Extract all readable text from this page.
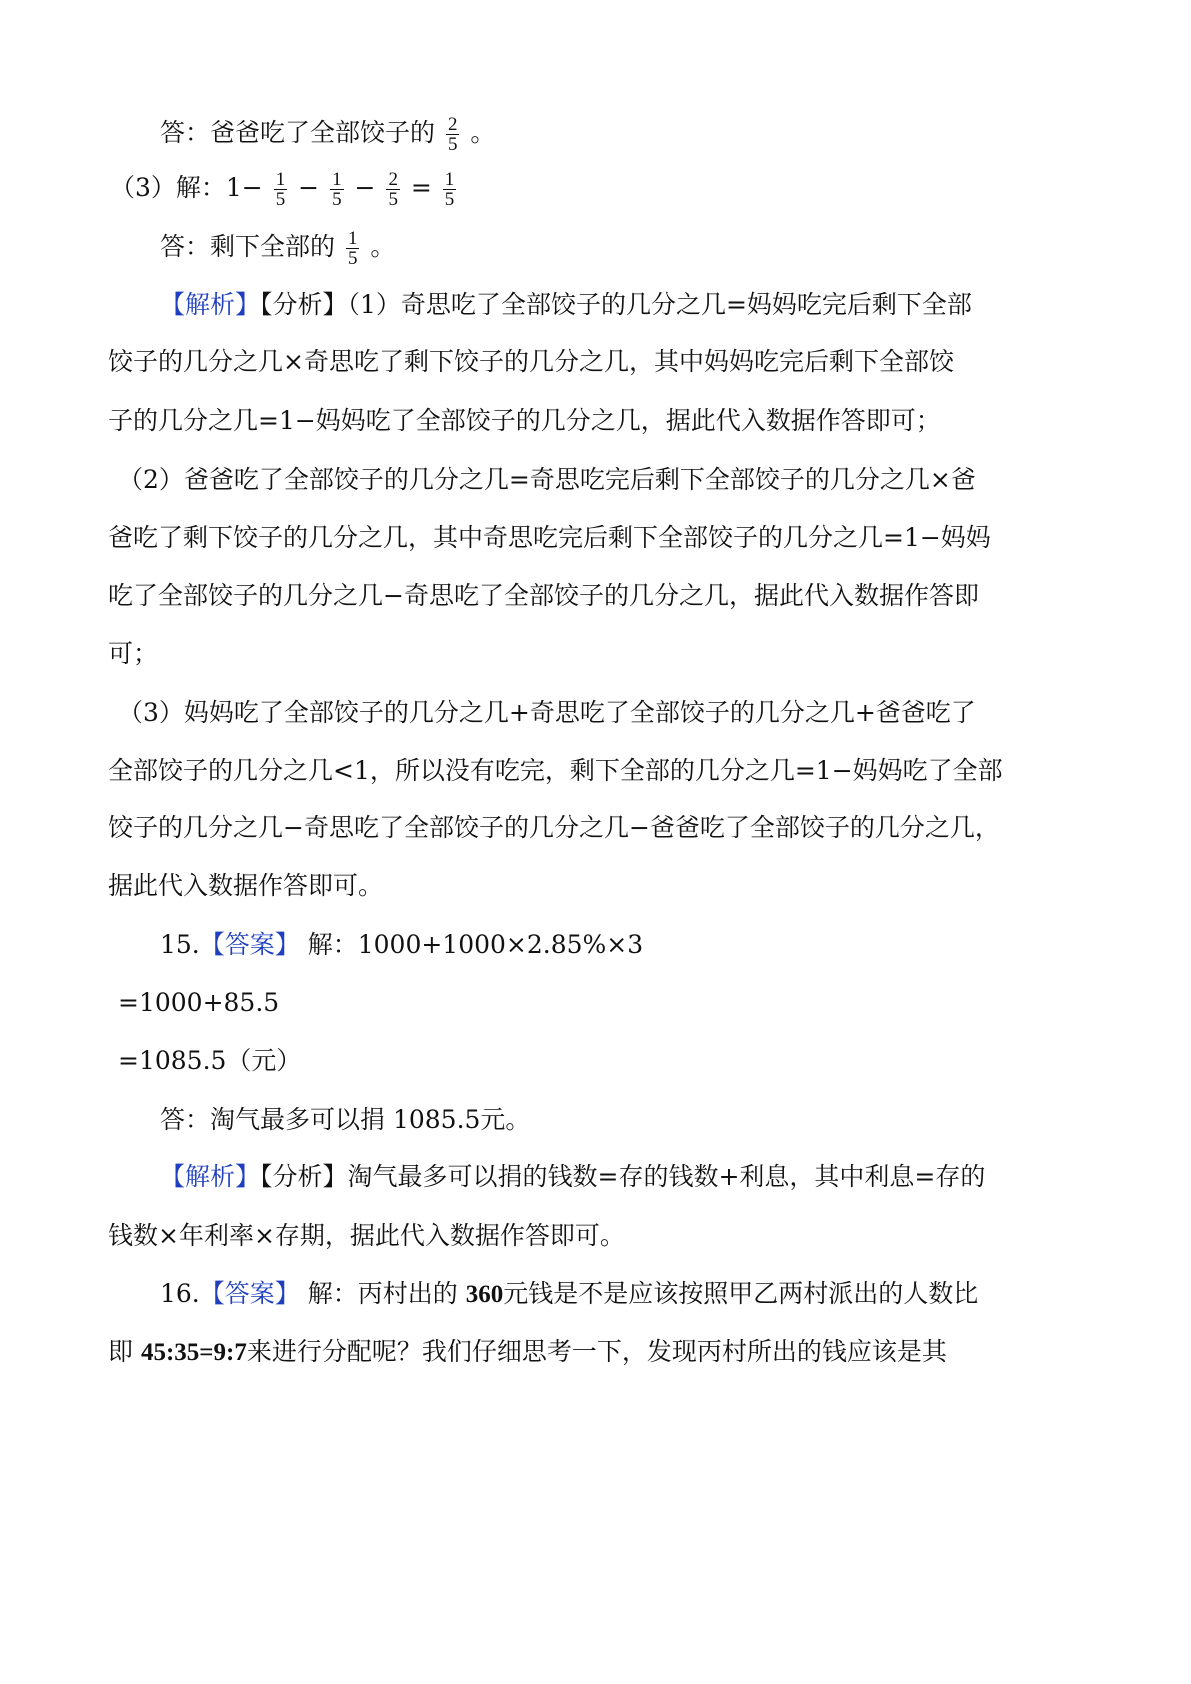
答：爸爸吃了全部饺子的 $\frac{2}{5}$ 。
（3）解：$1- \frac{1}{5} - \frac{1}{5} - \frac{2}{5} = \frac{1}{5}$
答：剩下全部的 $\frac{1}{5}$ 。
【解析】【分析】（1）奇思吃了全部饺子的几分之几=妈妈吃完后剩下全部
饺子的几分之几×奇思吃了剩下饺子的几分之几，其中妈妈吃完后剩下全部饺
子的几分之几=1−妈妈吃了全部饺子的几分之几，据此代入数据作答即可；
（2）爸爸吃了全部饺子的几分之几=奇思吃完后剩下全部饺子的几分之几×爸
爸吃了剩下饺子的几分之几，其中奇思吃完后剩下全部饺子的几分之几=1−妈妈
吃了全部饺子的几分之几−奇思吃了全部饺子的几分之几，据此代入数据作答即
可；
（3）妈妈吃了全部饺子的几分之几+奇思吃了全部饺子的几分之几+爸爸吃了
全部饺子的几分之几<1，所以没有吃完，剩下全部的几分之几=1−妈妈吃了全部
饺子的几分之几−奇思吃了全部饺子的几分之几−爸爸吃了全部饺子的几分之几，
据此代入数据作答即可。
15.【答案】 解：1000+1000×2.85%×3
=1000+85.5
=1085.5（元）
答：淘气最多可以捐 1085.5元。
【解析】【分析】淘气最多可以捐的钱数=存的钱数+利息，其中利息=存的
钱数×年利率×存期，据此代入数据作答即可。
16.【答案】 解：丙村出的 360元钱是不是应该按照甲乙两村派出的人数比
即 45:35=9:7来进行分配呢？我们仔细思考一下，发现丙村所出的钱应该是其
